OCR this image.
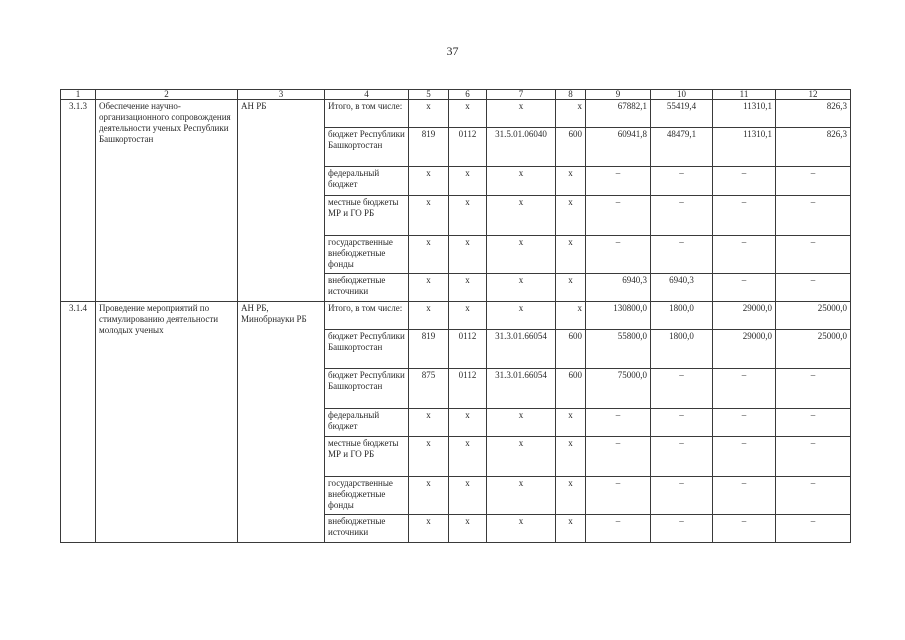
37
1	2	3	4	5	6	7	8	9	10	11	12
3.1.3	Обеспечение научно-организационного сопровождения деятельности ученых Республики Башкортостан	АН РБ	Итого, в том числе:	x	x	x	x	67882,1	55419,4	11310,1	826,3
			бюджет Республики Башкортостан	819	0112	31.5.01.06040	600	60941,8	48479,1	11310,1	826,3
			федеральный бюджет	x	x	x	x	–	–	–	–
			местные бюджеты МР и ГО РБ	x	x	x	x	–	–	–	–
			государственные внебюджетные фонды	x	x	x	x	–	–	–	–
			внебюджетные источники	x	x	x	x	6940,3	6940,3	–	–
3.1.4	Проведение мероприятий по стимулированию деятельности молодых ученых	АН РБ, Минобрнауки РБ	Итого, в том числе:	x	x	x	x	130800,0	1800,0	29000,0	25000,0
			бюджет Республики Башкортостан	819	0112	31.3.01.66054	600	55800,0	1800,0	29000,0	25000,0
			бюджет Республики Башкортостан	875	0112	31.3.01.66054	600	75000,0	–	–	–
			федеральный бюджет	x	x	x	x	–	–	–	–
			местные бюджеты МР и ГО РБ	x	x	x	x	–	–	–	–
			государственные внебюджетные фонды	x	x	x	x	–	–	–	–
			внебюджетные источники	x	x	x	x	–	–	–	–
